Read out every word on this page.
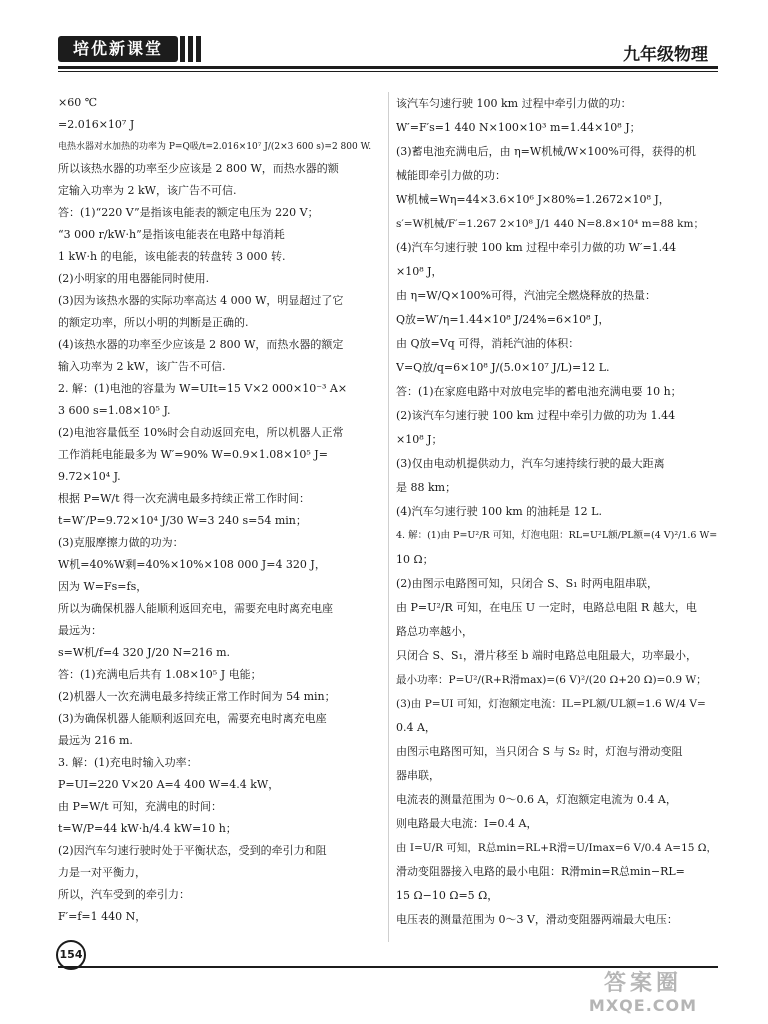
培优新课堂	九年级物理
×60 ℃
=2.016×10⁷ J
电热水器对水加热的功率为 P=Q吸/t=2.016×10⁷ J/(2×3 600 s)=2 800 W.
所以该热水器的功率至少应该是 2 800 W，而热水器的额
定输入功率为 2 kW，该广告不可信.
答：(1)“220 V”是指该电能表的额定电压为 220 V；
“3 000 r/kW·h”是指该电能表在电路中每消耗
1 kW·h 的电能，该电能表的转盘转 3 000 转.
(2)小明家的用电器能同时使用.
(3)因为该热水器的实际功率高达 4 000 W，明显超过了它
的额定功率，所以小明的判断是正确的.
(4)该热水器的功率至少应该是 2 800 W，而热水器的额定
输入功率为 2 kW，该广告不可信.
2. 解：(1)电池的容量为 W=UIt=15 V×2 000×10⁻³ A×
3 600 s=1.08×10⁵ J.
(2)电池容量低至 10%时会自动返回充电，所以机器人正常
工作消耗电能最多为 W′=90% W=0.9×1.08×10⁵ J=
9.72×10⁴ J.
根据 P=W/t 得一次充满电最多持续正常工作时间：
t=W′/P=9.72×10⁴ J/30 W=3 240 s=54 min；
(3)克服摩擦力做的功为：
W机=40%W剩=40%×10%×108 000 J=4 320 J，
因为 W=Fs=fs，
所以为确保机器人能顺利返回充电，需要充电时离充电座
最远为：
s=W机/f=4 320 J/20 N=216 m.
答：(1)充满电后共有 1.08×10⁵ J 电能；
(2)机器人一次充满电最多持续正常工作时间为 54 min；
(3)为确保机器人能顺利返回充电，需要充电时离充电座
最远为 216 m.
3. 解：(1)充电时输入功率：
P=UI=220 V×20 A=4 400 W=4.4 kW，
由 P=W/t 可知，充满电的时间：
t=W/P=44 kW·h/4.4 kW=10 h；
(2)因汽车匀速行驶时处于平衡状态，受到的牵引力和阻
力是一对平衡力，
所以，汽车受到的牵引力：
F′=f=1 440 N，
该汽车匀速行驶 100 km 过程中牵引力做的功：
W′=F′s=1 440 N×100×10³ m=1.44×10⁸ J；
(3)蓄电池充满电后，由 η=W机械/W×100%可得，获得的机
械能即牵引力做的功：
W机械=Wη=44×3.6×10⁶ J×80%=1.2672×10⁸ J，
s′=W机械/F′=1.267 2×10⁸ J/1 440 N=8.8×10⁴ m=88 km；
(4)汽车匀速行驶 100 km 过程中牵引力做的功 W′=1.44
×10⁸ J，
由 η=W/Q×100%可得，汽油完全燃烧释放的热量：
Q放=W′/η=1.44×10⁸ J/24%=6×10⁸ J，
由 Q放=Vq 可得，消耗汽油的体积：
V=Q放/q=6×10⁸ J/(5.0×10⁷ J/L)=12 L.
答：(1)在家庭电路中对放电完毕的蓄电池充满电要 10 h；
(2)该汽车匀速行驶 100 km 过程中牵引力做的功为 1.44
×10⁸ J；
(3)仅由电动机提供动力，汽车匀速持续行驶的最大距离
是 88 km；
(4)汽车匀速行驶 100 km 的油耗是 12 L.
4. 解：(1)由 P=U²/R 可知，灯泡电阻：RL=U²L额/PL额=(4 V)²/1.6 W=
10 Ω；
(2)由图示电路图可知，只闭合 S、S₁ 时两电阻串联，
由 P=U²/R 可知，在电压 U 一定时，电路总电阻 R 越大，电
路总功率越小，
只闭合 S、S₁，滑片移至 b 端时电路总电阻最大，功率最小，
最小功率：P=U²/(R+R滑max)=(6 V)²/(20 Ω+20 Ω)=0.9 W；
(3)由 P=UI 可知，灯泡额定电流：IL=PL额/UL额=1.6 W/4 V=
0.4 A，
由图示电路图可知，当只闭合 S 与 S₂ 时，灯泡与滑动变阻
器串联，
电流表的测量范围为 0～0.6 A，灯泡额定电流为 0.4 A，
则电路最大电流：I=0.4 A，
由 I=U/R 可知，R总min=RL+R滑=U/Imax=6 V/0.4 A=15 Ω，
滑动变阻器接入电路的最小电阻：R滑min=R总min−RL=
15 Ω−10 Ω=5 Ω，
电压表的测量范围为 0～3 V，滑动变阻器两端最大电压：
154
答案圈
MXQE.COM
